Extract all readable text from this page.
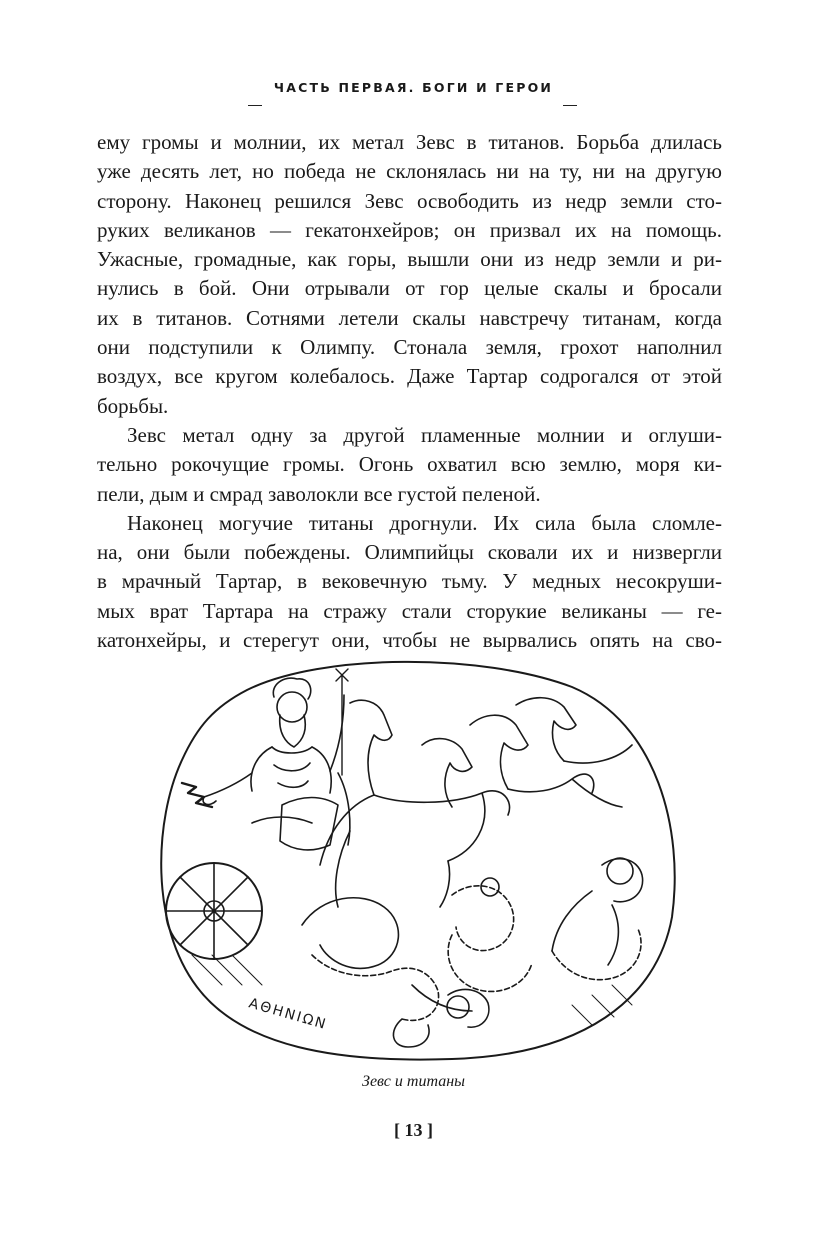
ЧАСТЬ ПЕРВАЯ. БОГИ И ГЕРОИ
ему громы и молнии, их метал Зевс в титанов. Борьба длилась
уже десять лет, но победа не склонялась ни на ту, ни на другую
сторону. Наконец решился Зевс освободить из недр земли сто-
руких великанов — гекатонхейров; он призвал их на помощь.
Ужасные, громадные, как горы, вышли они из недр земли и ри-
нулись в бой. Они отрывали от гор целые скалы и бросали
их в титанов. Сотнями летели скалы навстречу титанам, когда
они подступили к Олимпу. Стонала земля, грохот наполнил
воздух, все кругом колебалось. Даже Тартар содрогался от этой
борьбы.
Зевс метал одну за другой пламенные молнии и оглуши-
тельно рокочущие громы. Огонь охватил всю землю, моря ки-
пели, дым и смрад заволокли все густой пеленой.
Наконец могучие титаны дрогнули. Их сила была сломле-
на, они были побеждены. Олимпийцы сковали их и низвергли
в мрачный Тартар, в вековечную тьму. У медных несокруши-
мых врат Тартара на стражу стали сторукие великаны — ге-
катонхейры, и стерегут они, чтобы не вырвались опять на сво-
ΑΘΗΝΙΩΝ
Зевс и титаны
[ 13 ]
